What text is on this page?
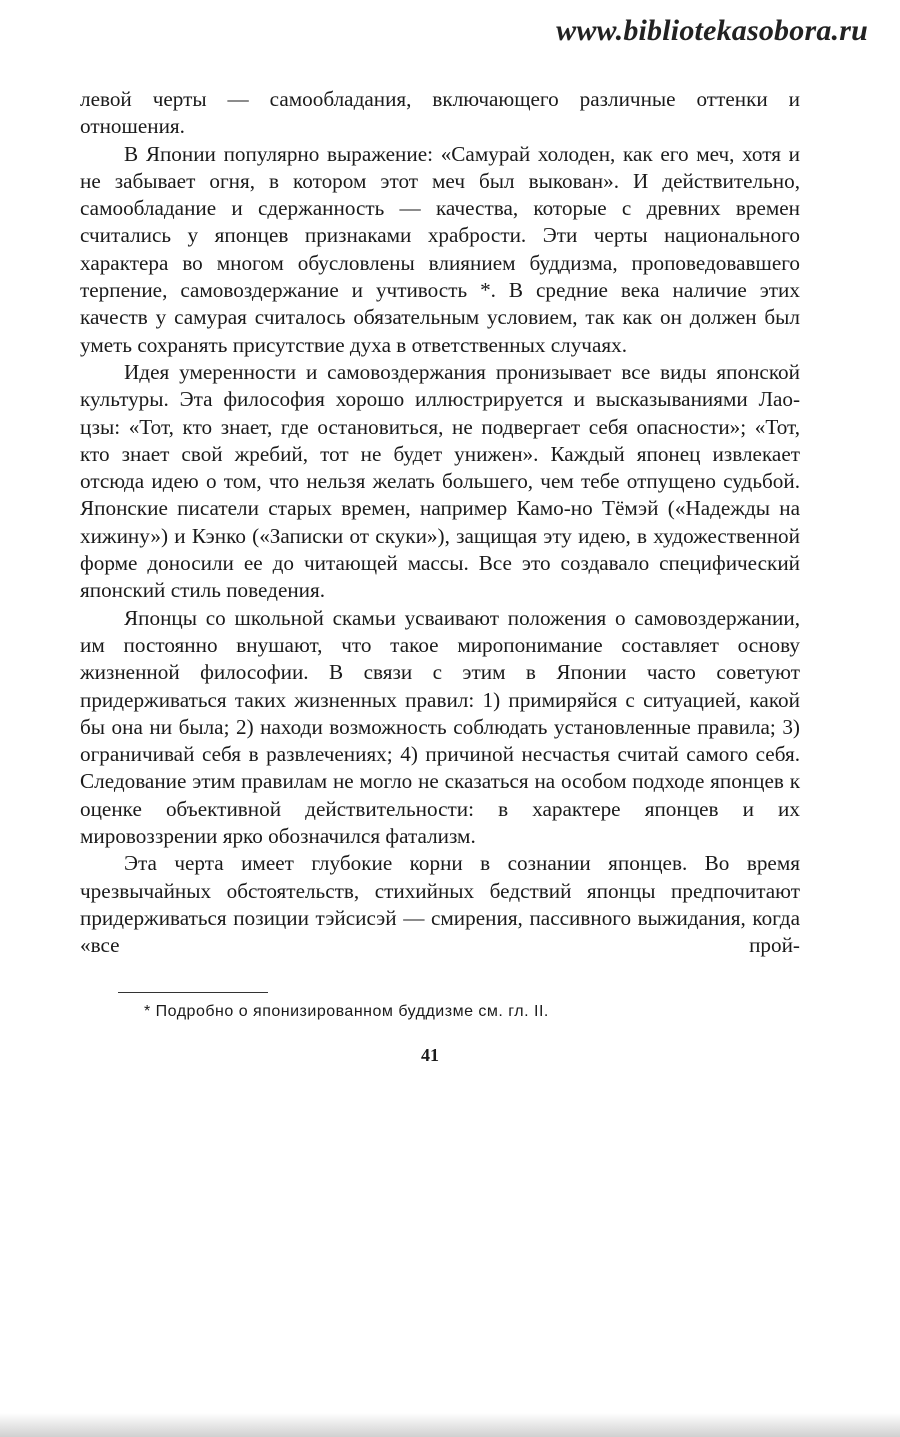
www.bibliotekasobora.ru

левой черты — самообладания, включающего различные оттенки и отношения.

В Японии популярно выражение: «Самурай холоден, как его меч, хотя и не забывает огня, в котором этот меч был выкован». И действительно, самообладание и сдержанность — качества, которые с древних времен считались у японцев признаками храбрости. Эти черты национального характера во многом обусловлены влиянием буддизма, проповедовавшего терпение, самовоздержание и учтивость *. В средние века наличие этих качеств у самурая считалось обязательным условием, так как он должен был уметь сохранять присутствие духа в ответственных случаях.

Идея умеренности и самовоздержания пронизывает все виды японской культуры. Эта философия хорошо иллюстрируется и высказываниями Лао-цзы: «Тот, кто знает, где остановиться, не подвергает себя опасности»; «Тот, кто знает свой жребий, тот не будет унижен». Каждый японец извлекает отсюда идею о том, что нельзя желать большего, чем тебе отпущено судьбой. Японские писатели старых времен, например Камо-но Тёмэй («Надежды на хижину») и Кэнко («Записки от скуки»), защищая эту идею, в художественной форме доносили ее до читающей массы. Все это создавало специфический японский стиль поведения.

Японцы со школьной скамьи усваивают положения о самовоздержании, им постоянно внушают, что такое миропонимание составляет основу жизненной философии. В связи с этим в Японии часто советуют придерживаться таких жизненных правил: 1) примиряйся с ситуацией, какой бы она ни была; 2) находи возможность соблюдать установленные правила; 3) ограничивай себя в развлечениях; 4) причиной несчастья считай самого себя. Следование этим правилам не могло не сказаться на особом подходе японцев к оценке объективной действительности: в характере японцев и их мировоззрении ярко обозначился фатализм.

Эта черта имеет глубокие корни в сознании японцев. Во время чрезвычайных обстоятельств, стихийных бедствий японцы предпочитают придерживаться позиции тэйсисэй — смирения, пассивного выжидания, когда «все прой-

* Подробно о японизированном буддизме см. гл. II.
41
